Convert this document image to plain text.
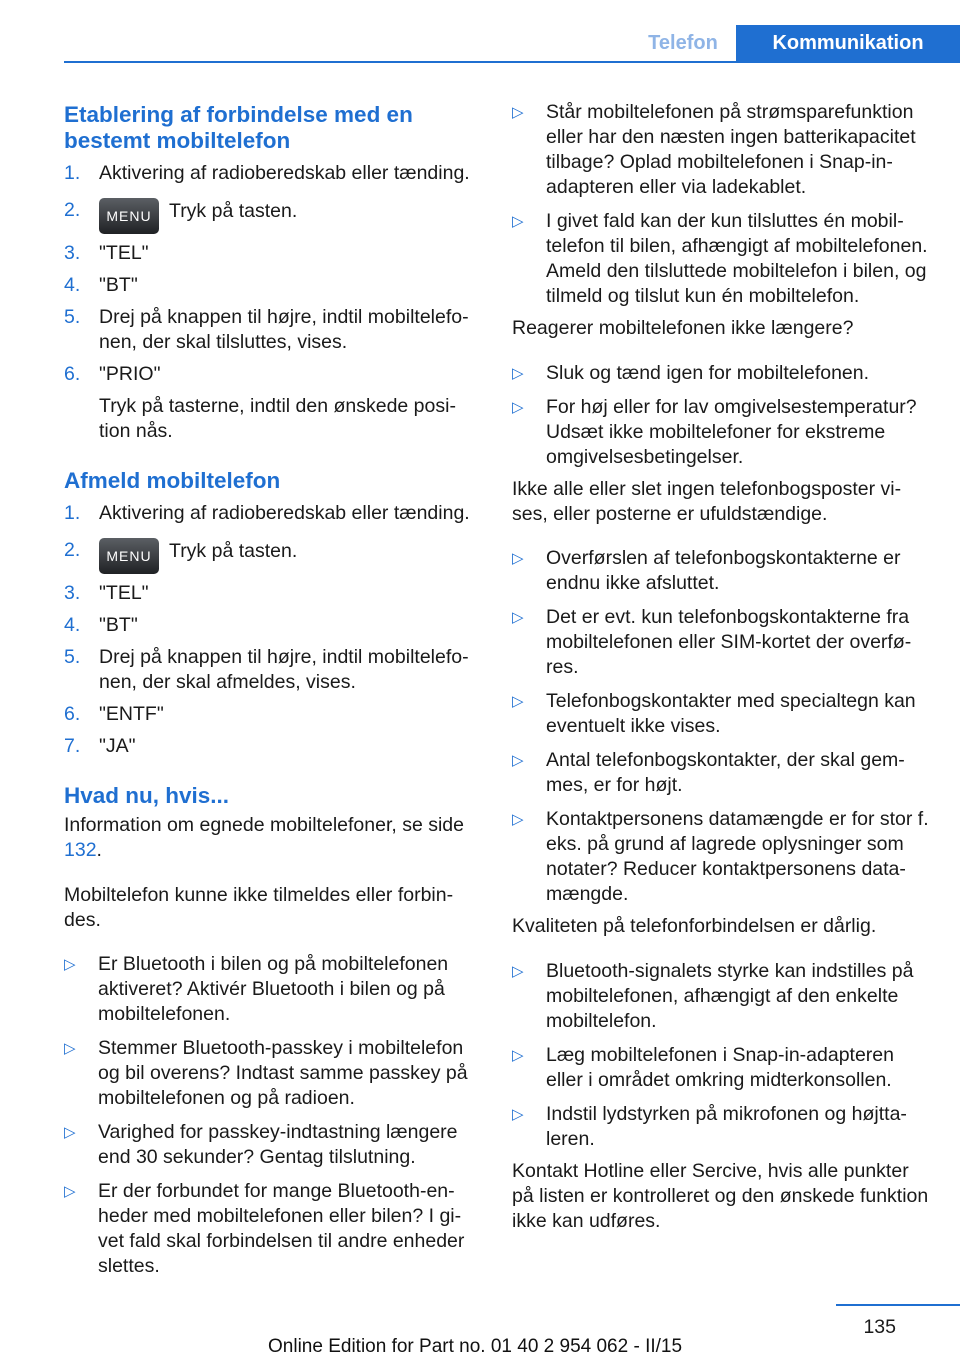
Telefon	Kommunikation
Etablering af forbindelse med en bestemt mobiltelefon
1. Aktivering af radioberedskab eller tænding.
2.	MENU Tryk på tasten.
3. "TEL"
4. "BT"
5. Drej på knappen til højre, indtil mobiltelefonen, der skal tilsluttes, vises.
6. "PRIO"
Tryk på tasterne, indtil den ønskede position nås.
Afmeld mobiltelefon
1. Aktivering af radioberedskab eller tænding.
2.	MENU Tryk på tasten.
3. "TEL"
4. "BT"
5. Drej på knappen til højre, indtil mobiltelefonen, der skal afmeldes, vises.
6. "ENTF"
7. "JA"
Hvad nu, hvis...

Information om egnede mobiltelefoner, se side 132.

Mobiltelefon kunne ikke tilmeldes eller forbindes.

▷	Er Bluetooth i bilen og på mobiltelefonen aktiveret? Aktivér Bluetooth i bilen og på mobiltelefonen.
▷	Stemmer Bluetooth-passkey i mobiltelefon og bil overens? Indtast samme passkey på mobiltelefonen og på radioen.
▷	Varighed for passkey-indtastning længere end 30 sekunder? Gentag tilslutning.
▷	Er der forbundet for mange Bluetooth-enheder med mobiltelefonen eller bilen? I givet fald skal forbindelsen til andre enheder slettes.
▷	Står mobiltelefonen på strømsparefunktion eller har den næsten ingen batterikapacitet tilbage? Oplad mobiltelefonen i Snap-in-adapteren eller via ladekablet.
▷	I givet fald kan der kun tilsluttes én mobiltelefon til bilen, afhængigt af mobiltelefonen. Ameld den tilsluttede mobiltelefon i bilen, og tilmeld og tilslut kun én mobiltelefon.

Reagerer mobiltelefonen ikke længere?

▷	Sluk og tænd igen for mobiltelefonen.
▷	For høj eller for lav omgivelsestemperatur? Udsæt ikke mobiltelefoner for ekstreme omgivelsesbetingelser.

Ikke alle eller slet ingen telefonbogsposter vises, eller posterne er ufuldstændige.

▷	Overførslen af telefonbogskontakterne er endnu ikke afsluttet.
▷	Det er evt. kun telefonbogskontakterne fra mobiltelefonen eller SIM-kortet der overføres.
▷	Telefonbogskontakter med specialtegn kan eventuelt ikke vises.
▷	Antal telefonbogskontakter, der skal gemmes, er for højt.
▷	Kontaktpersonens datamængde er for stor f. eks. på grund af lagrede oplysninger som notater? Reducer kontaktpersonens datamængde.

Kvaliteten på telefonforbindelsen er dårlig.

▷	Bluetooth-signalets styrke kan indstilles på mobiltelefonen, afhængigt af den enkelte mobiltelefon.
▷	Læg mobiltelefonen i Snap-in-adapteren eller i området omkring midterkonsollen.
▷	Indstil lydstyrken på mikrofonen og højttaleren.

Kontakt Hotline eller Sercive, hvis alle punkter på listen er kontrolleret og den ønskede funktion ikke kan udføres.

135
Online Edition for Part no. 01 40 2 954 062 - II/15
